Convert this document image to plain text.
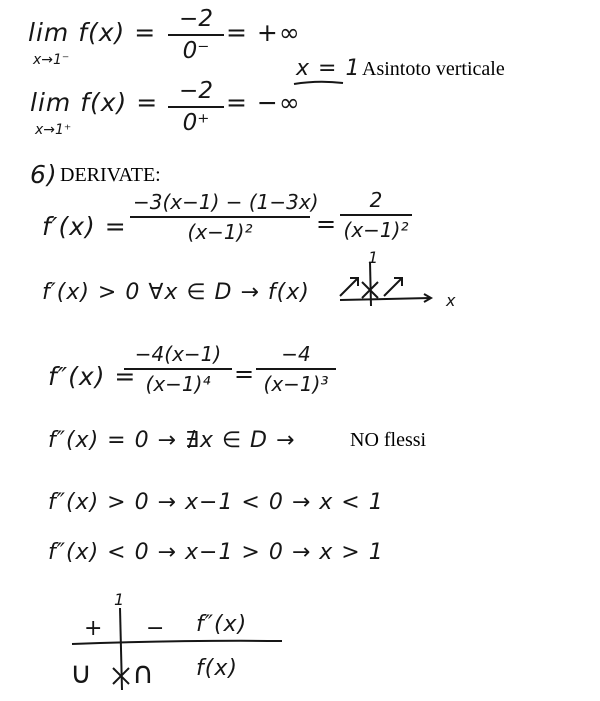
lim f(x) =
x→1⁻	$\frac{-2}{0^-}$ = +∞
x = 1 Asintoto verticale
lim f(x) =
x→1⁺	$\frac{-2}{0^+}$ = −∞
6) DERIVATE:
$f'(x) = \frac{-3(x-1) - (1-3x)}{\text{(x−1)²}} = \frac{2}{\text{(x−1)²}}$
f′(x) > 0 ∀x ∈ D → f(x)
1
x
f″(x) =
$\frac{-4(x-1)}{\text{(x−1)⁴}} = \frac{-4}{\text{(x−1)³}}$
f″(x) = 0 → ∄x ∈ D →	NO flessi
f″(x) > 0 → x−1 < 0 → x < 1
f″(x) < 0 → x−1 > 0 → x > 1
1
+ − f″(x)
∪ ∩ f(x)
